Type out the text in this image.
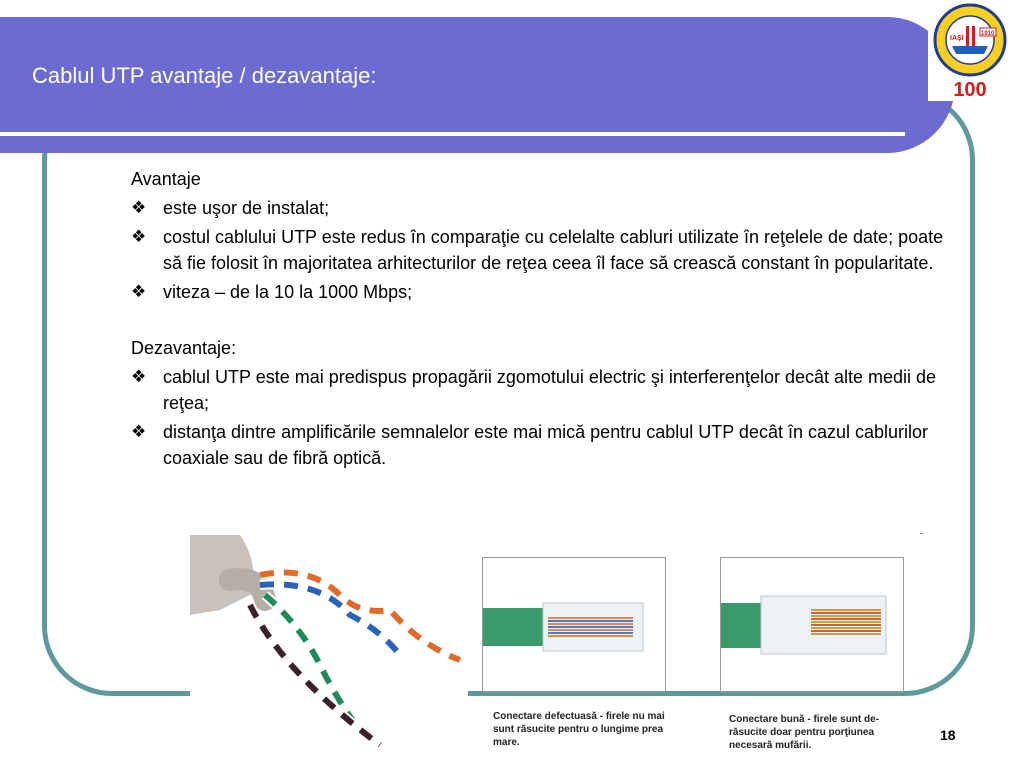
Cablul UTP avantaje / dezavantaje:
IAŞI
1910
100
Avantaje
❖ este uşor de instalat;
❖ costul cablului UTP este redus în comparaţie cu celelalte cabluri utilizate în reţelele de date; poate să fie folosit în majoritatea arhitecturilor de reţea ceea îl face să crească constant în popularitate.
❖ viteza – de la 10 la 1000 Mbps;
Dezavantaje:
❖ cablul UTP este mai predispus propagării zgomotului electric şi interferenţelor decât alte medii de reţea;
❖ distanţa dintre amplificările semnalelor este mai mică pentru cablul UTP decât în cazul cablurilor coaxiale sau de fibră optică.
Conectare defectuasă - firele nu mai sunt răsucite pentru o lungime prea mare.
Conectare bună - firele sunt de-răsucite doar pentru porţiunea necesară mufării.
18
